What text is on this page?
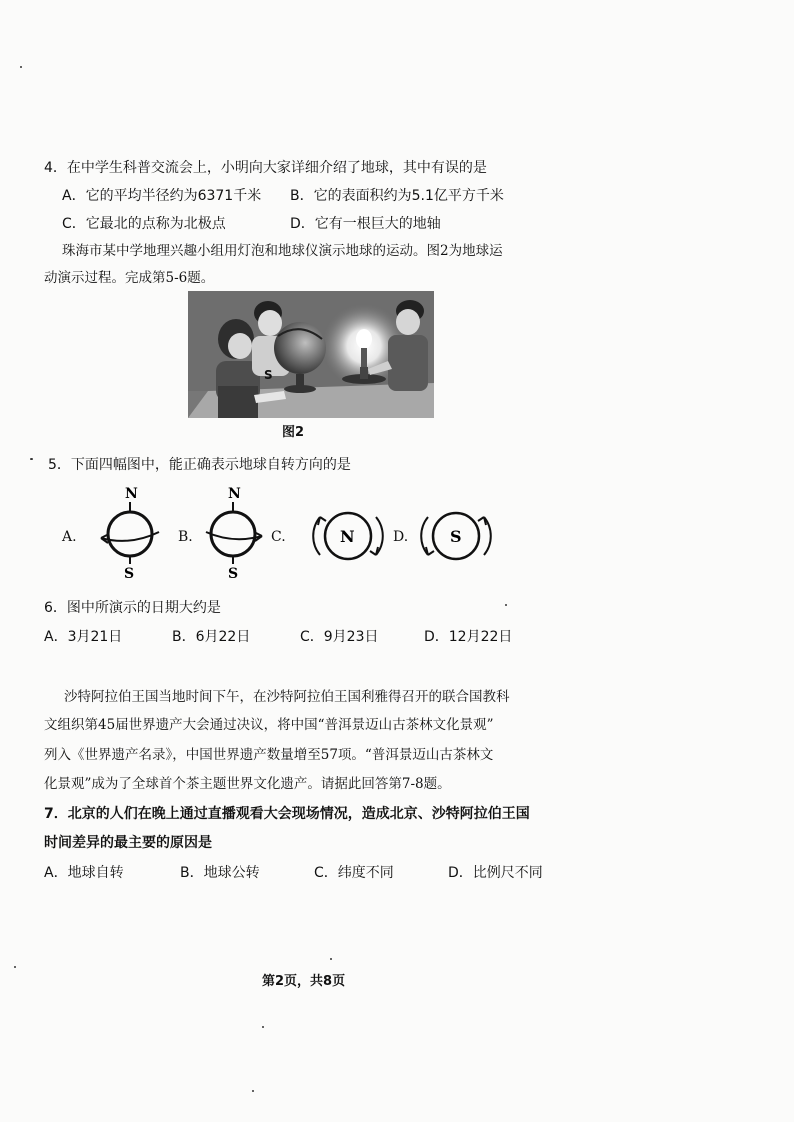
4．在中学生科普交流会上，小明向大家详细介绍了地球，其中有误的是
A．它的平均半径约为6371千米 B．它的表面积约为5.1亿平方千米
C．它最北的点称为北极点	D．它有一根巨大的地轴
珠海市某中学地理兴趣小组用灯泡和地球仪演示地球的运动。图2为地球运
动演示过程。完成第5-6题。
S
图2
5．下面四幅图中，能正确表示地球自转方向的是
A.
N
S
B.
N
S
C.	N	D.	S
6．图中所演示的日期大约是
A．3月21日	B．6月22日	C．9月23日	D．12月22日
沙特阿拉伯王国当地时间下午，在沙特阿拉伯王国利雅得召开的联合国教科
文组织第45届世界遗产大会通过决议，将中国“普洱景迈山古茶林文化景观”
列入《世界遗产名录》，中国世界遗产数量增至57项。“普洱景迈山古茶林文
化景观”成为了全球首个茶主题世界文化遗产。请据此回答第7-8题。
7．北京的人们在晚上通过直播观看大会现场情况，造成北京、沙特阿拉伯王国
时间差异的最主要的原因是
A．地球自转	B．地球公转	C．纬度不同	D．比例尺不同
第2页，共8页
